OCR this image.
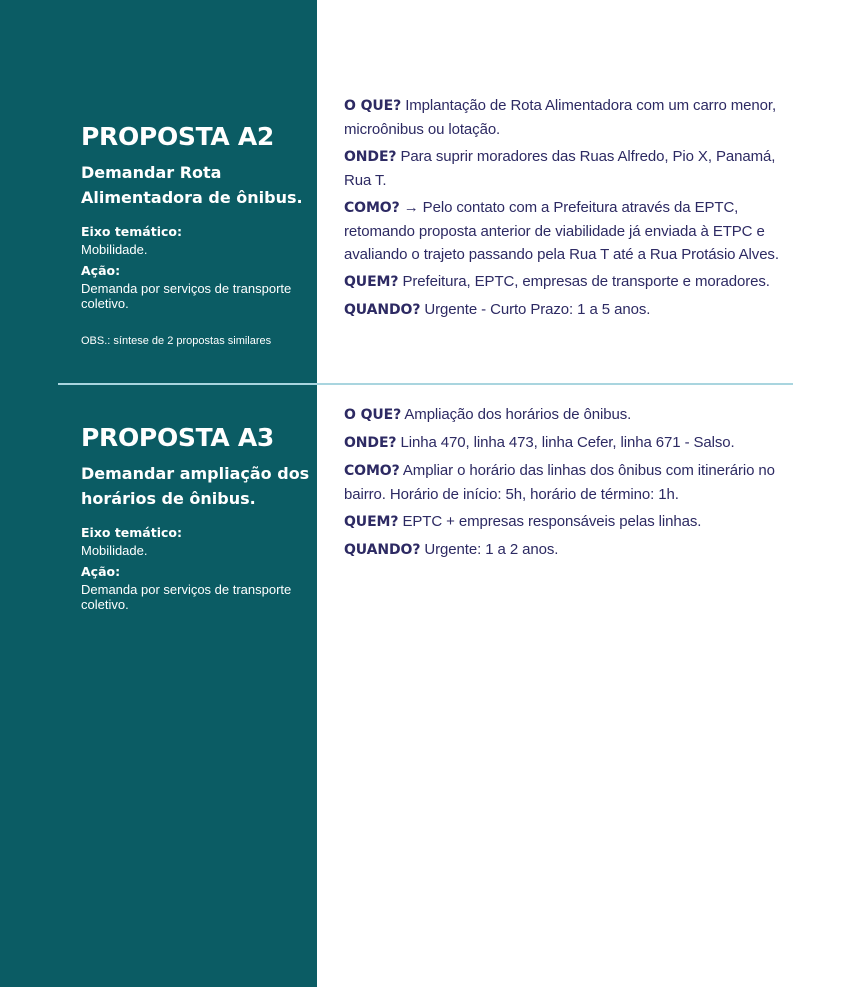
PROPOSTA A2
Demandar Rota Alimentadora de ônibus.
Eixo temático:
Mobilidade.
Ação:
Demanda por serviços de transporte coletivo.
OBS.: síntese de 2 propostas similares

O QUE? Implantação de Rota Alimentadora com um carro menor, microônibus ou lotação.

ONDE? Para suprir moradores das Ruas Alfredo, Pio X, Panamá, Rua T.

COMO? → Pelo contato com a Prefeitura através da EPTC, retomando proposta anterior de viabilidade já enviada à ETPC e avaliando o trajeto passando pela Rua T até a Rua Protásio Alves.

QUEM? Prefeitura, EPTC, empresas de transporte e moradores.

QUANDO? Urgente - Curto Prazo: 1 a 5 anos.

PROPOSTA A3
Demandar ampliação dos horários de ônibus.
Eixo temático:
Mobilidade.
Ação:
Demanda por serviços de transporte coletivo.

O QUE? Ampliação dos horários de ônibus.

ONDE? Linha 470, linha 473, linha Cefer, linha 671 - Salso.

COMO? Ampliar o horário das linhas dos ônibus com itinerário no bairro. Horário de início: 5h, horário de término: 1h.

QUEM? EPTC + empresas responsáveis pelas linhas.

QUANDO? Urgente: 1 a 2 anos.
